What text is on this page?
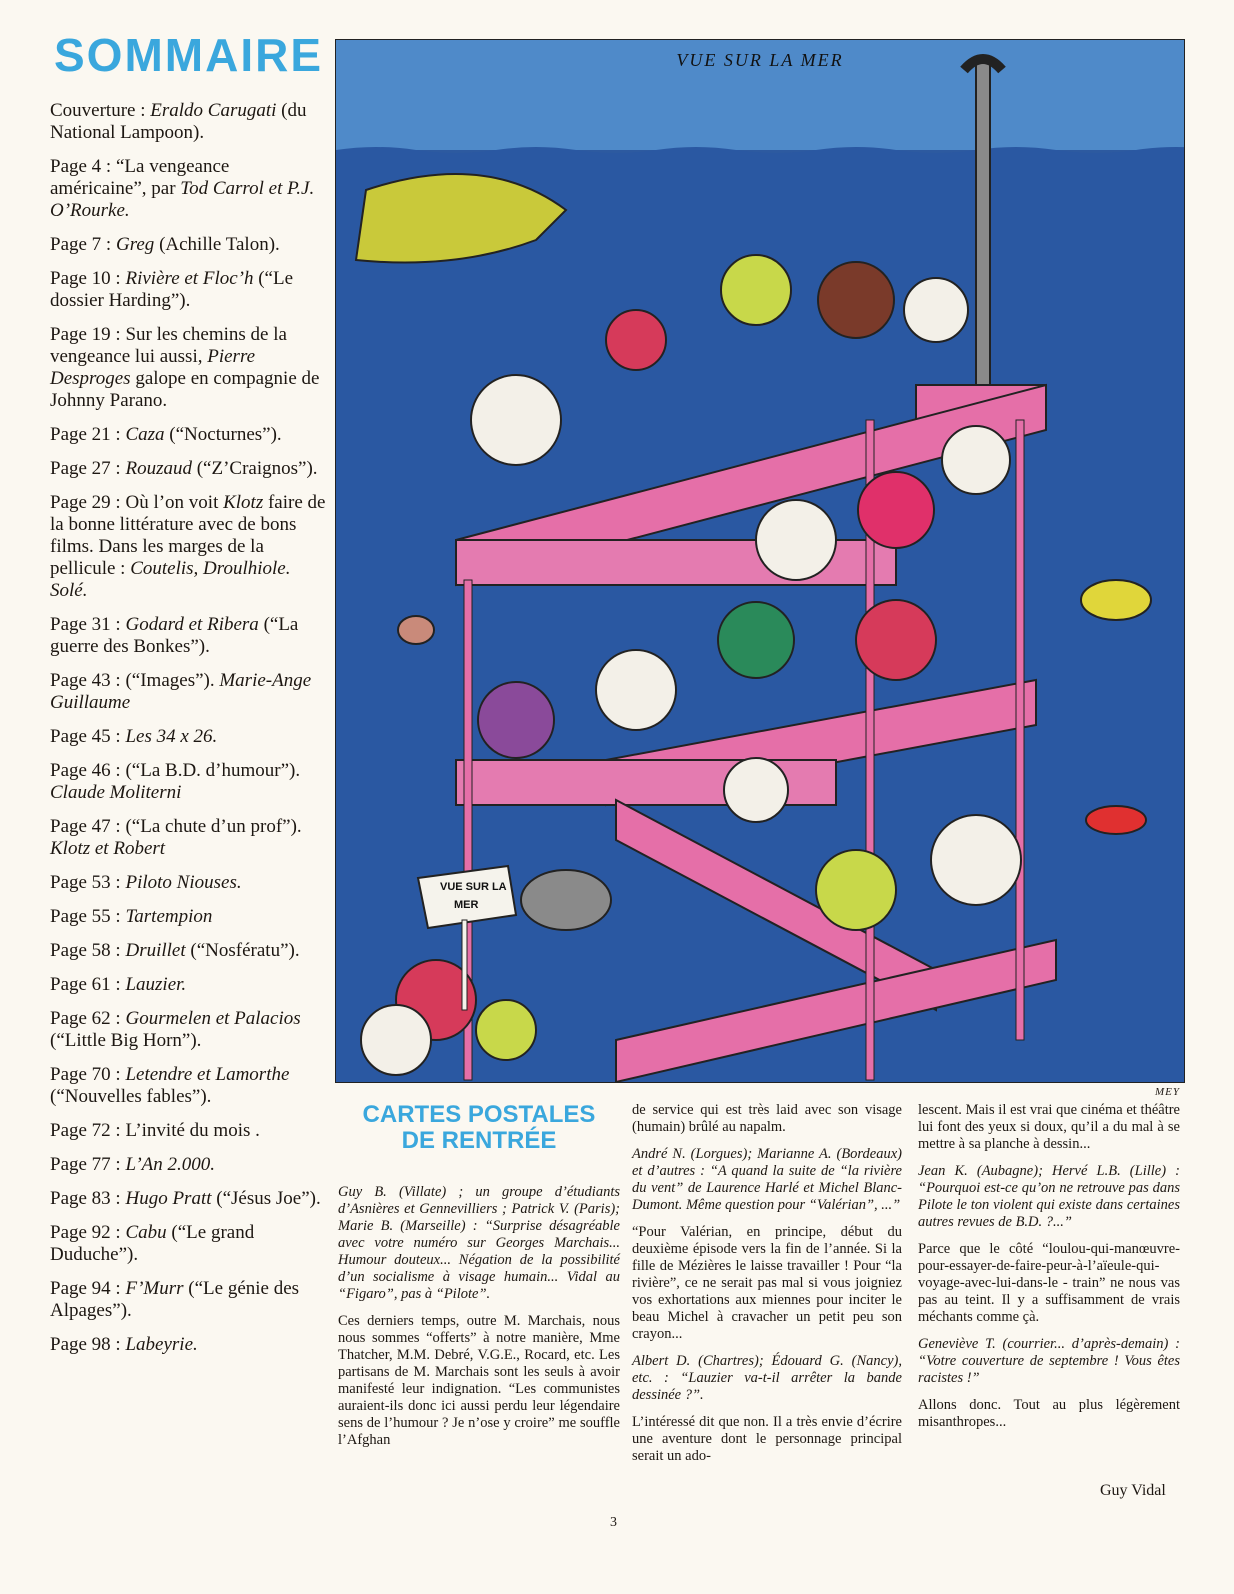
SOMMAIRE

Couverture : Eraldo Carugati (du National Lampoon).

Page 4 : “La vengeance américaine”, par Tod Carrol et P.J. O’Rourke.

Page 7 : Greg (Achille Talon).

Page 10 : Rivière et Floc’h (“Le dossier Harding”).

Page 19 : Sur les chemins de la vengeance lui aussi, Pierre Desproges galope en compagnie de Johnny Parano.

Page 21 : Caza (“Nocturnes”).

Page 27 : Rouzaud (“Z’Craignos”).

Page 29 : Où l’on voit Klotz faire de la bonne littérature avec de bons films. Dans les marges de la pellicule : Coutelis, Droulhiole. Solé.

Page 31 : Godard et Ribera (“La guerre des Bonkes”).

Page 43 : (“Images”). Marie-Ange Guillaume

Page 45 : Les 34 x 26.

Page 46 : (“La B.D. d’humour”). Claude Moliterni

Page 47 : (“La chute d’un prof”). Klotz et Robert

Page 53 : Piloto Niouses.

Page 55 : Tartempion

Page 58 : Druillet (“Nosfératu”).

Page 61 : Lauzier.

Page 62 : Gourmelen et Palacios (“Little Big Horn”).

Page 70 : Letendre et Lamorthe (“Nouvelles fables”).

Page 72 : L’invité du mois .

Page 77 : L’An 2.000.

Page 83 : Hugo Pratt (“Jésus Joe”).

Page 92 : Cabu (“Le grand Duduche”).

Page 94 : F’Murr (“Le génie des Alpages”).

Page 98 : Labeyrie.

VUE SUR LA
MER
VUE SUR LA MER
MEY
CARTES POSTALES
DE RENTRÉE

Guy B. (Villate) ; un groupe d’étudiants d’Asnières et Gennevilliers ; Patrick V. (Paris); Marie B. (Marseille) : “Surprise désagréable avec votre numéro sur Georges Marchais... Humour douteux... Négation de la possibilité d’un socialisme à visage humain... Vidal au “Figaro”, pas à “Pilote”.

Ces derniers temps, outre M. Marchais, nous nous sommes “offerts” à notre manière, Mme Thatcher, M.M. Debré, V.G.E., Rocard, etc. Les partisans de M. Marchais sont les seuls à avoir manifesté leur indignation. “Les communistes auraient-ils donc ici aussi perdu leur légendaire sens de l’humour ? Je n’ose y croire” me souffle l’Afghan

de service qui est très laid avec son visage (humain) brûlé au napalm.

André N. (Lorgues); Marianne A. (Bordeaux) et d’autres : “A quand la suite de “la rivière du vent” de Laurence Harlé et Michel Blanc-Dumont. Même question pour “Valérian”, ...”

“Pour Valérian, en principe, début du deuxième épisode vers la fin de l’année. Si la fille de Mézières le laisse travailler ! Pour “la rivière”, ce ne serait pas mal si vous joigniez vos exhortations aux miennes pour inciter le beau Michel à cravacher un petit peu son crayon...

Albert D. (Chartres); Édouard G. (Nancy), etc. : “Lauzier va-t-il arrêter la bande dessinée ?”.

L’intéressé dit que non. Il a très envie d’écrire une aventure dont le personnage principal serait un ado-

lescent. Mais il est vrai que cinéma et théâtre lui font des yeux si doux, qu’il a du mal à se mettre à sa planche à dessin...

Jean K. (Aubagne); Hervé L.B. (Lille) : “Pourquoi est-ce qu’on ne retrouve pas dans Pilote le ton violent qui existe dans certaines autres revues de B.D. ?...”

Parce que le côté “loulou-qui-manœuvre-pour-essayer-de-faire-peur-à-l’aïeule-qui-voyage-avec-lui-dans-le - train” ne nous vas pas au teint. Il y a suffisamment de vrais méchants comme çà.

Geneviève T. (courrier... d’après-demain) : “Votre couverture de septembre ! Vous êtes racistes !”

Allons donc. Tout au plus légèrement misanthropes...

Guy Vidal
3
